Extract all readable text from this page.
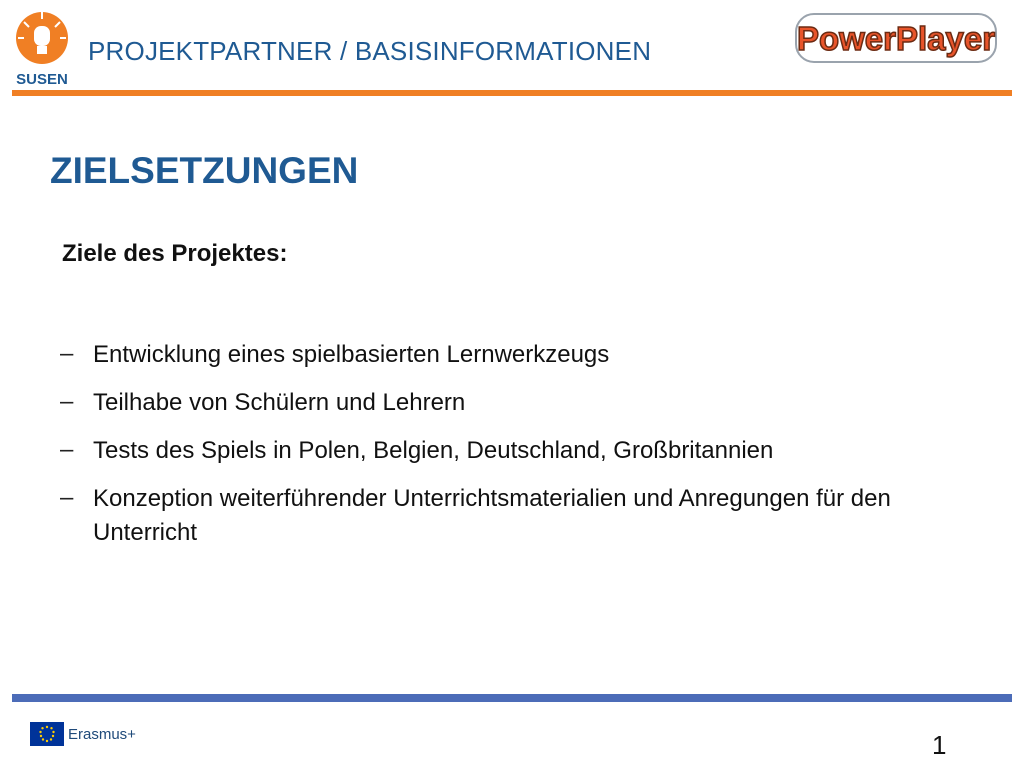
SUSEN
PROJEKTPARTNER / BASISINFORMATIONEN	PowerPlayer
ZIELSETZUNGEN
Ziele des Projektes:
– Entwicklung eines spielbasierten Lernwerkzeugs
– Teilhabe von Schülern und Lehrern
– Tests des Spiels in Polen, Belgien, Deutschland, Großbritannien
– Konzeption weiterführender Unterrichtsmaterialien und Anregungen für den Unterricht
Erasmus+	1
